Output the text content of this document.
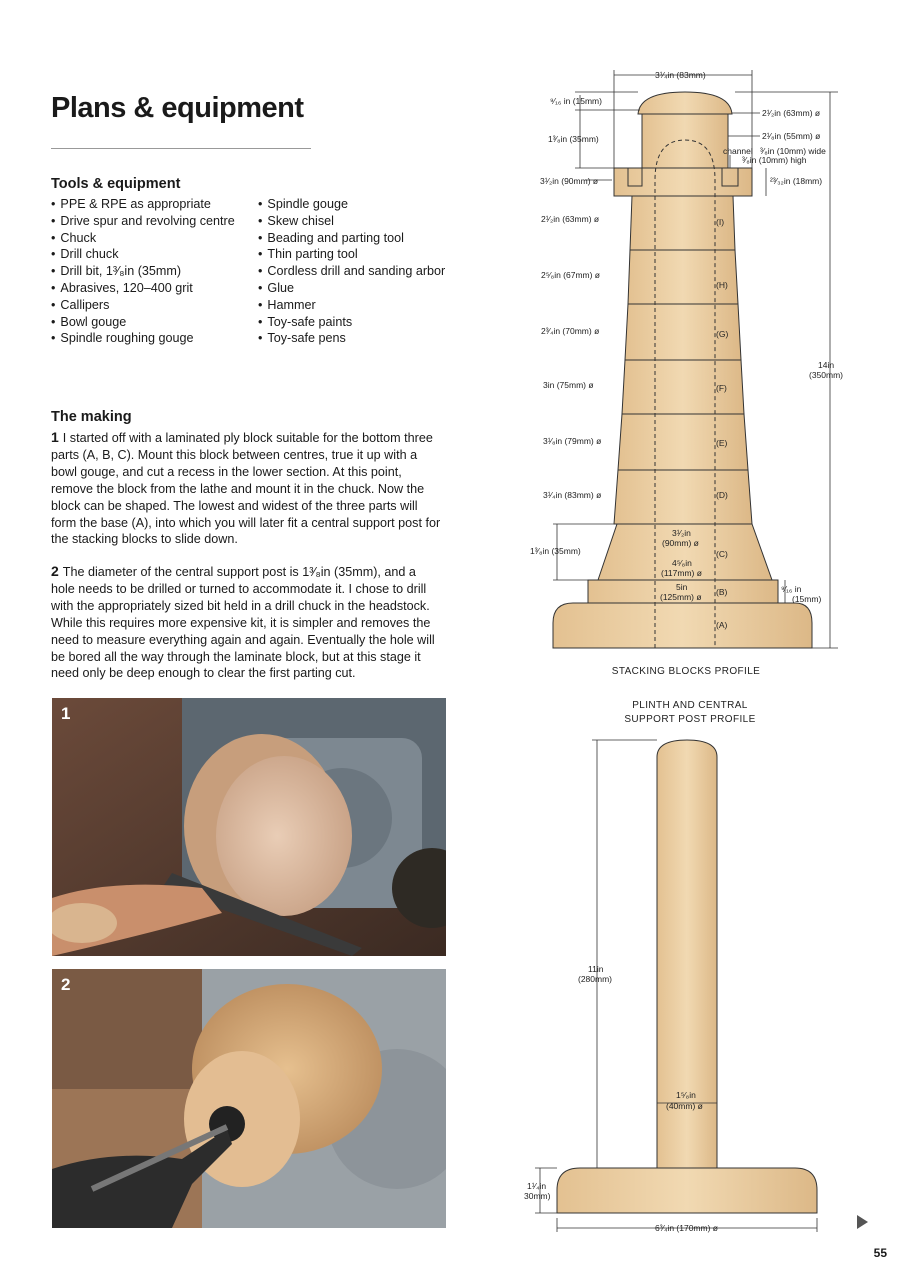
Plans & equipment
Tools & equipment
• PPE & RPE as appropriate
• Drive spur and revolving centre
• Chuck
• Drill chuck
• Drill bit, 1³⁄₈in (35mm)
• Abrasives, 120–400 grit
• Callipers
• Bowl gouge
• Spindle roughing gouge
• Spindle gouge
• Skew chisel
• Beading and parting tool
• Thin parting tool
• Cordless drill and sanding arbor
• Glue
• Hammer
• Toy-safe paints
• Toy-safe pens
The making

1 I started off with a laminated ply block suitable for the bottom three parts (A, B, C). Mount this block between centres, true it up with a bowl gouge, and cut a recess in the lower section. At this point, remove the block from the lathe and mount it in the chuck. Now the block can be shaped. The lowest and widest of the three parts will form the base (A), into which you will later fit a central support post for the stacking blocks to slide down.

2 The diameter of the central support post is 1³⁄₈in (35mm), and a hole needs to be drilled or turned to accommodate it. I chose to drill with the appropriately sized bit held in a drill chuck in the headstock. While this requires more expensive kit, it is simpler and removes the need to measure everything again and again. Eventually the hole will be bored all the way through the laminate block, but at this stage it need only be deep enough to clear the first parting cut.

1
2
3¹⁄₄in (83mm)
⁹⁄₁₆ in (15mm)
2¹⁄₂in (63mm) ø
2¹⁄₈in (55mm) ø
channel ³⁄₈in (10mm) wide
³⁄₈in (10mm) high
1³⁄₈in (35mm)
3¹⁄₂in (90mm) ø	²³⁄₃₂in (18mm)
14in
(350mm)
2¹⁄₂in (63mm) ø	(I)
2⁵⁄₈in (67mm) ø
(H)
2³⁄₄in (70mm) ø	(G)
3in (75mm) ø	(F)
3¹⁄₈in (79mm) ø	(E)
3¹⁄₄in (83mm) ø	(D)
3¹⁄₂in
(90mm) ø
(C)
4⁵⁄₈in
(117mm) ø
1³⁄₈in (35mm)
5in
(125mm) ø (B)	⁹⁄₁₆ in
(15mm)
(A)
11in
(280mm)
1⁵⁄₈in
(40mm) ø
1¹⁄₄in
30mm)
6³⁄₄in (170mm) ø
STACKING BLOCKS PROFILE
PLINTH AND CENTRAL
SUPPORT POST PROFILE
55
